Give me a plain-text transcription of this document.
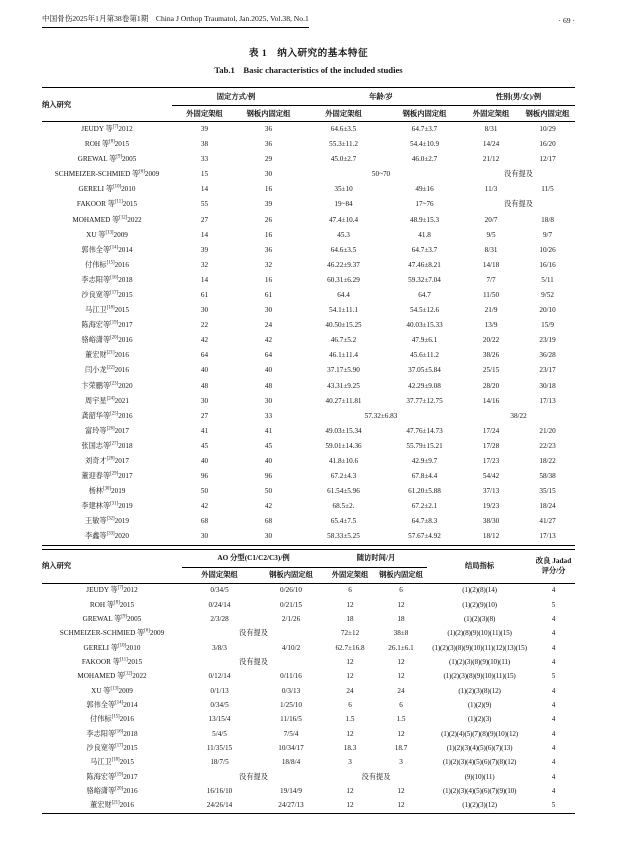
中国骨伤2025年1月第38卷第1期　China J Orthop Traumatol, Jan.2025, Vol.38, No.1	· 69 ·
表 1　纳入研究的基本特征
Tab.1　Basic characteristics of the included studies
纳入研究	固定方式/例		年龄/岁		性别(男/女)/例	
	外固定架组	钢板内固定组	外固定架组	钢板内固定组	外固定架组	钢板内固定组
JEUDY 等[7]2012	39	36	64.6±3.5	64.7±3.7	8/31	10/29
ROH 等[8]2015	38	36	55.3±11.2	54.4±10.9	14/24	16/20
GREWAL 等[9]2005	33	29	45.0±2.7	46.0±2.7	21/12	12/17
SCHMEIZER-SCHMIED 等[6]2009	15	30	50~70		没有提及	
GERELI 等[10]2010	14	16	35±10	49±16	11/3	11/5
FAKOOR 等[11]2015	55	39	19~84	17~76	没有提及	
MOHAMED 等[12]2022	27	26	47.4±10.4	48.9±15.3	20/7	18/8
XU 等[13]2009	14	16	45.3	41.8	9/5	9/7
郭伟全等[14]2014	39	36	64.6±3.5	64.7±3.7	8/31	10/26
付伟标[15]2016	32	32	46.22±9.37	47.46±8.21	14/18	16/16
李志阳等[16]2018	14	16	60.31±6.29	59.32±7.04	7/7	5/11
沙良宽等[17]2015	61	61	64.4	64.7	11/50	9/52
马江卫[18]2015	30	30	54.1±11.1	54.5±12.6	21/9	20/10
陈海宏等[19]2017	22	24	40.50±15.25	40.03±15.33	13/9	15/9
骆峪潇等[20]2016	42	42	46.7±5.2	47.9±6.1	20/22	23/19
董宏财[21]2016	64	64	46.1±11.4	45.6±11.2	38/26	36/28
闫小龙[22]2016	40	40	37.17±5.90	37.05±5.84	25/15	23/17
卞荣鹏等[23]2020	48	48	43.31±9.25	42.29±9.08	28/20	30/18
周宇星[24]2021	30	30	40.27±11.81	37.77±12.75	14/16	17/13
龚韶华等[25]2016	27	33	57.32±6.83		38/22	
富玲等[26]2017	41	41	49.03±15.34	47.76±14.73	17/24	21/20
张国志等[27]2018	45	45	59.01±14.36	55.79±15.21	17/28	22/23
刘奇才[28]2017	40	40	41.8±10.6	42.9±9.7	17/23	18/22
董迎春等[29]2017	96	96	67.2±4.3	67.8±4.4	54/42	58/38
杨林[30]2019	50	50	61.54±5.96	61.20±5.88	37/13	35/15
李建林等[31]2019	42	42	68.5±2.	67.2±2.1	19/23	18/24
王敏等[32]2019	68	68	65.4±7.5	64.7±8.3	38/30	41/27
李鑫等[33]2020	30	30	58.33±5.25	57.67±4.92	18/12	17/13
纳入研究	AO 分型(C1/C2/C3)/例		随访时间/月		结局指标	改良 Jadad
评分/分

	外固定架组	钢板内固定组	外固定架组	钢板内固定组		
JEUDY 等[7]2012	0/34/5	0/26/10	6	6	(1)(2)(8)(14)	4
ROH 等[8]2015	0/24/14	0/21/15	12	12	(1)(2)(9)(10)	5
GREWAL 等[9]2005	2/3/28	2/1/26	18	18	(1)(2)(3)(8)	4
SCHMEIZER-SCHMIED 等[6]2009	没有提及		72±12	38±8	(1)(2)(8)(9)(10)(11)(15)	4
GERELI 等[10]2010	3/8/3	4/10/2	62.7±16.8	26.1±6.1	(1)(2)(3)(8)(9)(10)(11)(12)(13)(15)	4
FAKOOR 等[11]2015	没有提及		12	12	(1)(2)(3)(8)(9)(10)(11)	4
MOHAMED 等[12]2022	0/12/14	0/11/16	12	12	(1)(2)(3)(8)(9)(10)(11)(15)	5
XU 等[13]2009	0/1/13	0/3/13	24	24	(1)(2)(3)(8)(12)	4
郭伟全等[14]2014	0/34/5	1/25/10	6	6	(1)(2)(9)	4
付伟标[15]2016	13/15/4	11/16/5	1.5	1.5	(1)(2)(3)	4
李志阳等[16]2018	5/4/5	7/5/4	12	12	(1)(2)(4)(5)(7)(8)(9)(10)(12)	4
沙良宽等[17]2015	11/35/15	10/34/17	18.3	18.7	(1)(2)(3)(4)(5)(6)(7)(13)	4
马江卫[18]2015	18/7/5	18/8/4	3	3	(1)(2)(3)(4)(5)(6)(7)(8)(12)	4
陈海宏等[19]2017	没有提及		没有提及		(9)(10)(11)	4
骆峪潇等[20]2016	16/16/10	19/14/9	12	12	(1)(2)(3)(4)(5)(6)(7)(9)(10)	4
董宏财[21]2016	24/26/14	24/27/13	12	12	(1)(2)(3)(12)	5
